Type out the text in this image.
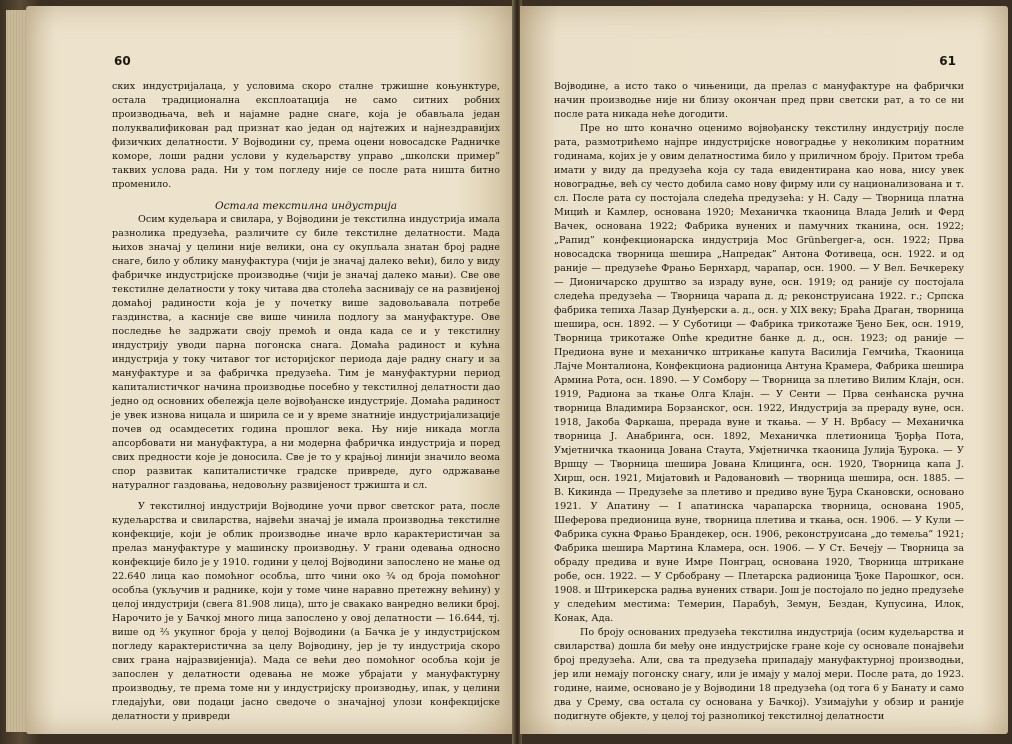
60

ских индустријалаца, у условима скоро сталне тржишне коњунктуре, остала традиционална експлоатација не само ситних робних производњача, већ и најамне радне снаге, која је обављала један полуквалификован рад признат као један од најтежих и најнездравијих физичких делатности. У Војводини су, према оцени новосадске Радничке коморе, лоши радни услови у кудељарству управо „школски пример” таквих услова рада. Ни у том погледу није се после рата ништа битно променило.

Остала текстилна индустрија

Осим кудељара и свилара, у Војводини је текстилна индустрија имала разнолика предузећа, различите су биле текстилне делатности. Мада њихов значај у целини није велики, она су окупљала знатан број радне снаге, било у облику мануфактура (чији је значај далеко већи), било у виду фабричке индустријске производње (чији је значај далеко мањи). Све ове текстилне делатности у току читава два столећа заснивају се на развијеној домаћој радиности која је у почетку више задовољавала потребе газдинства, а касније све више чинила подлогу за мануфактуре. Ове последње ће задржати своју премоћ и онда када се и у текстилну индустрију уводи парна погонска снага. Домаћа радиност и кућна индустрија у току читавог тог историјског периода даје радну снагу и за мануфактуре и за фабричка предузећа. Тим је мануфактурни период капиталистичког начина производње посебно у текстилној делатности дао једно од основних обележја целе војвођанске индустрије. Домаћа радиност је увек изнова ницала и ширила се и у време знатније индустријализације почев од осамдесетих година прошлог века. Њу није никада могла апсорбовати ни мануфактура, а ни модерна фабричка индустрија и поред свих предности које је доносила. Све је то у крајњој линији значило веома спор развитак капиталистичке градске привреде, дуго одржавање натуралног газдовања, недовољну развијеност тржишта и сл.

У текстилној индустрији Војводине уочи првог светског рата, после кудељарства и свиларства, највећи значај је имала производња текстилне конфекције, који је облик производње иначе врло карактеристичан за прелаз мануфактуре у машинску производњу. У грани одевања односно конфекције било је у 1910. години у целој Војводини запослено не мање од 22.640 лица као помоћног особља, што чини око ¾ од броја помоћног особља (укључив и раднике, који у томе чине наравно претежну већину) у целој индустрији (свега 81.908 лица), што је свакако ванредно велики број. Нарочито је у Бачкој много лица запослено у овој делатности — 16.644, тј. више од ⅔ укупног броја у целој Војводини (а Бачка је у индустријском погледу карактеристична за целу Војводину, јер је ту индустрија скоро свих грана најразвијенија). Мада се већи део помоћног особља који је запослен у делатности одевања не може убрајати у мануфактурну производњу, те према томе ни у индустријску производњу, ипак, у целини гледајући, ови подаци јасно сведоче о значајној улози конфекцијске делатности у привреди

61

Војводине, а исто тако о чињеници, да прелаз с мануфактуре на фабрички начин производње није ни близу окончан пред први светски рат, а то се ни после рата никада неће догодити.

Пре но што коначно оценимо војвођанску текстилну индустрију после рата, размотрићемо најпре индустријске новоградње у неколиким поратним годинама, којих је у овим делатностима било у приличном броју. Притом треба имати у виду да предузећа која су тада евидентирана као нова, нису увек новоградње, већ су често добила само нову фирму или су национализована и т. сл. После рата су постојала следећа предузећа: у Н. Саду — Творница платна Мицић и Камлер, основана 1920; Механичка ткаоница Влада Јелић и Ферд Вачек, основана 1922; Фабрика вунених и памучних тканина, осн. 1922; „Рапид” конфекционарска индустрија Мос Grünberger-а, осн. 1922; Прва новосадска творница шешира „Напредак” Антона Фотивеца, осн. 1922. и од раније — предузеће Фрањо Бернхард, чарапар, осн. 1900. — У Вел. Бечкереку — Дионичарско друштво за израду вуне, осн. 1919; од раније су постојала следећа предузећа — Творница чарапа д. д; реконструисана 1922. г.; Српска фабрика тепиха Лазар Дунђерски а. д., осн. у XIX веку; Браћа Драган, творница шешира, осн. 1892. — У Суботици — Фабрика трикотаже Ђено Бек, осн. 1919, Творница трикотаже Опће кредитне банке д. д., осн. 1923; од раније — Предиона вуне и механичко штрикање капута Василија Гемчића, Ткаоница Лајче Монталиона, Конфекциона радионица Антуна Крамера, Фабрика шешира Армина Рота, осн. 1890. — У Сомбору — Творница за плетиво Вилим Клајн, осн. 1919, Радиона за ткање Олга Клајн. — У Сенти — Прва сенћанска ручна творница Владимира Борзанског, осн. 1922, Индустрија за прераду вуне, осн. 1918, Јакоба Фаркаша, прерада вуне и ткања. — У Н. Врбасу — Механичка творница Ј. Анабринга, осн. 1892, Механичка плетионица Ђорђа Пота, Умјетничка ткаоница Јована Стаута, Умјетничка ткаоница Јулија Ђурока. — У Вршцу — Творница шешира Јована Клицинга, осн. 1920, Творница капа Ј. Хирш, осн. 1921, Мијатовић и Радовановић — творница шешира, осн. 1885. — В. Кикинда — Предузеће за плетиво и предиво вуне Ђура Скановски, основано 1921. У Апатину — I апатинска чарапарска творница, основана 1905, Шеферова предионица вуне, творница плетива и ткања, осн. 1906. — У Кули — Фабрика сукна Фрањо Брандекер, осн. 1906, реконструисана „до темеља” 1921; Фабрика шешира Мартина Кламера, осн. 1906. — У Ст. Бечеју — Творница за обраду предива и вуне Имре Понграц, основана 1920, Творница штрикане робе, осн. 1922. — У Србобрану — Плетарска радионица Ђоке Парошког, осн. 1908. и Штрикерска радња вунених ствари. Још је постојало по једно предузеће у следећим местима: Темерин, Парабућ, Земун, Бездан, Купусина, Илок, Конак, Ада.

По броју основаних предузећа текстилна индустрија (осим кудељарства и свиларства) дошла би међу оне индустријске гране које су основале понајвећи број предузећа. Али, сва та предузећа припадају мануфактурној производњи, јер или немају погонску снагу, или је имају у малој мери. После рата, до 1923. године, наиме, основано је у Војводини 18 предузећа (од тога 6 у Банату и само два у Срему, сва остала су основана у Бачкој). Узимајући у обзир и раније подигнуте објекте, у целој тој разноликој текстилној делатности
